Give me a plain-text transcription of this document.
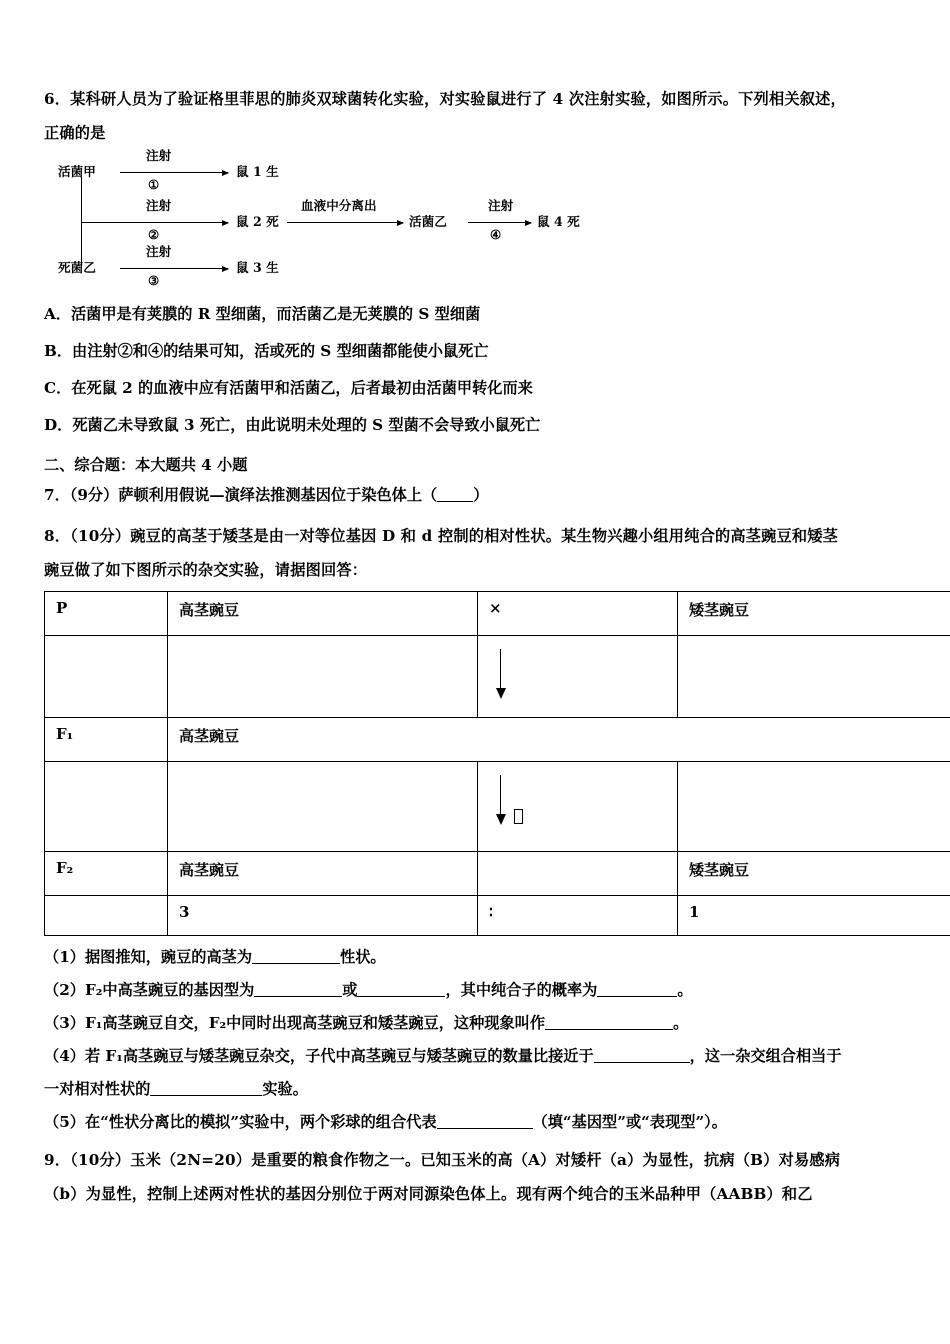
6．某科研人员为了验证格里菲思的肺炎双球菌转化实验，对实验鼠进行了 4 次注射实验，如图所示。下列相关叙述，
正确的是
活菌甲
注射
①
鼠 1 生
注射
②
鼠 2 死
血液中分离出
活菌乙
注射
④
鼠 4 死
死菌乙
注射
③
鼠 3 生
A．活菌甲是有荚膜的 R 型细菌，而活菌乙是无荚膜的 S 型细菌
B．由注射②和④的结果可知，活或死的 S 型细菌都能使小鼠死亡
C．在死鼠 2 的血液中应有活菌甲和活菌乙，后者最初由活菌甲转化而来
D．死菌乙未导致鼠 3 死亡，由此说明未处理的 S 型菌不会导致小鼠死亡
二、综合题：本大题共 4 小题
7．（9分）萨顿利用假说—演绎法推测基因位于染色体上（ ）
8．（10分）豌豆的高茎于矮茎是由一对等位基因 D 和 d 控制的相对性状。某生物兴趣小组用纯合的高茎豌豆和矮茎
豌豆做了如下图所示的杂交实验，请据图回答：
P	高茎豌豆	×	矮茎豌豆

F₁	高茎豌豆		

F₂	高茎豌豆		矮茎豌豆
	3	∶	1
（1）据图推知，豌豆的高茎为	性状。
（2）F₂中高茎豌豆的基因型为	或	，其中纯合子的概率为	。
（3）F₁高茎豌豆自交，F₂中同时出现高茎豌豆和矮茎豌豆，这种现象叫作	。
（4）若 F₁高茎豌豆与矮茎豌豆杂交，子代中高茎豌豆与矮茎豌豆的数量比接近于	，这一杂交组合相当于
一对相对性状的	实验。
（5）在“性状分离比的模拟”实验中，两个彩球的组合代表	（填“基因型”或“表现型”）。
9．（10分）玉米（2N=20）是重要的粮食作物之一。已知玉米的高（A）对矮杆（a）为显性，抗病（B）对易感病
（b）为显性，控制上述两对性状的基因分别位于两对同源染色体上。现有两个纯合的玉米品种甲（AABB）和乙
